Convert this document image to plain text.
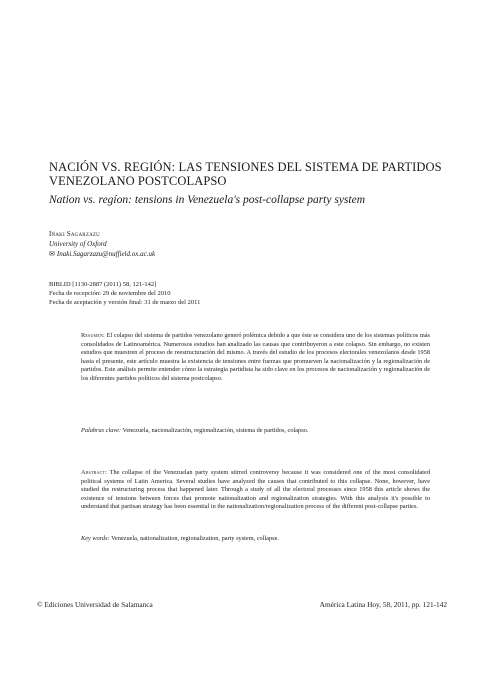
NACIÓN VS. REGIÓN: LAS TENSIONES DEL SISTEMA DE PARTIDOS VENEZOLANO POSTCOLAPSO
Nation vs. regíon: tensions in Venezuela's post-collapse party system
Iñaki Sagarzazu
University of Oxford
✉ Inaki.Sagarzazu@nuffield.ox.ac.uk
BIBLID [1130-2887 (2011) 58, 121-142]
Fecha de recepción: 29 de noviembre del 2010
Fecha de aceptación y versión final: 31 de marzo del 2011
Resumen: El colapso del sistema de partidos venezolano generó polémica debido a que éste se considera uno de los sistemas políticos más consolidados de Latinoamérica. Numerosos estudios han analizado las causas que contribuyeron a este colapso. Sin embargo, no existen estudios que muestren el proceso de reestructuración del mismo. A través del estudio de los procesos electorales venezolanos desde 1958 hasta el presente, este artículo muestra la existencia de tensiones entre fuerzas que promueven la nacionalización y la regionalización de partidos. Este análisis permite entender cómo la estrategia partidista ha sido clave en los procesos de nacionalización y regionalización de los diferentes partidos políticos del sistema postcolapso.
Palabras clave: Venezuela, nacionalización, regionalización, sistema de partidos, colapso.
Abstract: The collapse of the Venezuelan party system stirred controversy because it was considered one of the most consolidated political systems of Latin America. Several studies have analyzed the causes that contributed to this collapse. None, however, have studied the restructuring process that happened later. Through a study of all the electoral processes since 1958 this article shows the existence of tensions between forces that promote nationalization and regionalization strategies. With this analysis it's possible to understand that partisan strategy has been essential in the nationalization/regionalization process of the different post-collapse parties.
Key words: Venezuela, nationalization, regionalization, party system, collapse.
© Ediciones Universidad de Salamanca	América Latina Hoy, 58, 2011, pp. 121-142
